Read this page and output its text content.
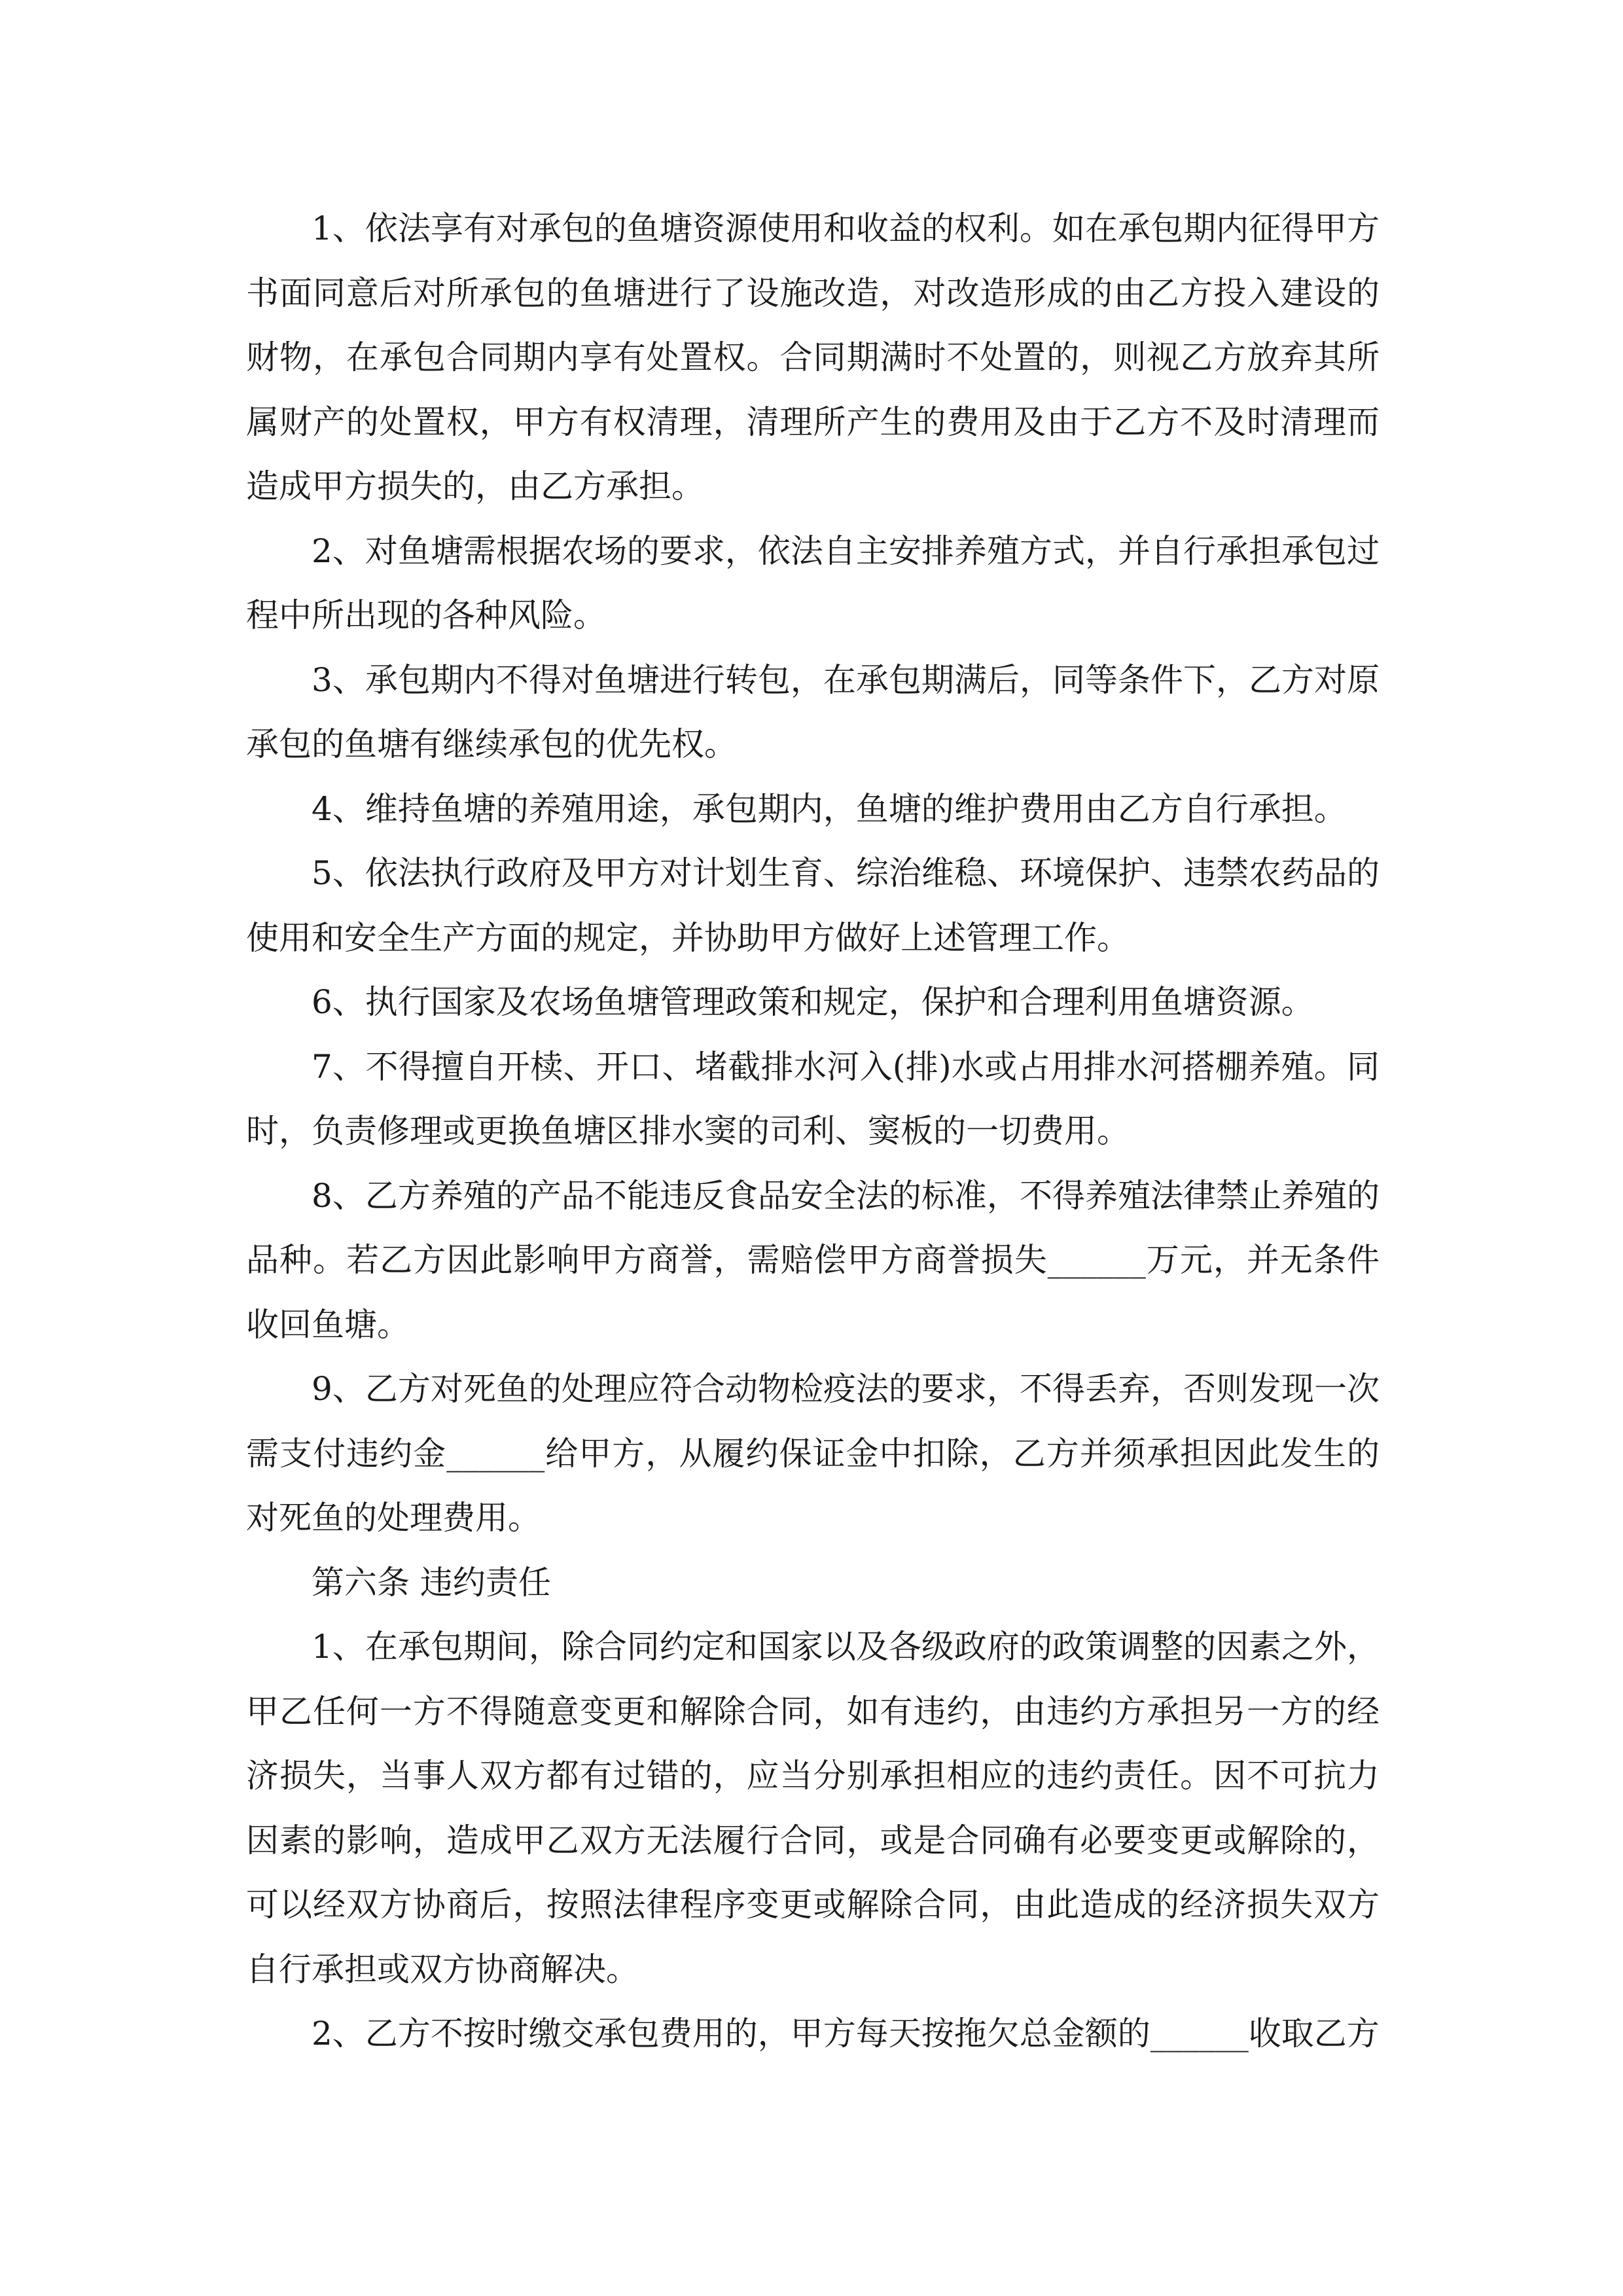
1、依法享有对承包的鱼塘资源使用和收益的权利。如在承包期内征得甲方书面同意后对所承包的鱼塘进行了设施改造，对改造形成的由乙方投入建设的财物，在承包合同期内享有处置权。合同期满时不处置的，则视乙方放弃其所属财产的处置权，甲方有权清理，清理所产生的费用及由于乙方不及时清理而造成甲方损失的，由乙方承担。

2、对鱼塘需根据农场的要求，依法自主安排养殖方式，并自行承担承包过程中所出现的各种风险。

3、承包期内不得对鱼塘进行转包，在承包期满后，同等条件下，乙方对原承包的鱼塘有继续承包的优先权。

4、维持鱼塘的养殖用途，承包期内，鱼塘的维护费用由乙方自行承担。

5、依法执行政府及甲方对计划生育、综治维稳、环境保护、违禁农药品的使用和安全生产方面的规定，并协助甲方做好上述管理工作。

6、执行国家及农场鱼塘管理政策和规定，保护和合理利用鱼塘资源。

7、不得擅自开椟、开口、堵截排水河入(排)水或占用排水河搭棚养殖。同时，负责修理或更换鱼塘区排水窦的司利、窦板的一切费用。

8、乙方养殖的产品不能违反食品安全法的标准，不得养殖法律禁止养殖的品种。若乙方因此影响甲方商誉，需赔偿甲方商誉损失______万元，并无条件收回鱼塘。

9、乙方对死鱼的处理应符合动物检疫法的要求，不得丢弃，否则发现一次需支付违约金______给甲方，从履约保证金中扣除，乙方并须承担因此发生的对死鱼的处理费用。

第六条 违约责任

1、在承包期间，除合同约定和国家以及各级政府的政策调整的因素之外，甲乙任何一方不得随意变更和解除合同，如有违约，由违约方承担另一方的经济损失，当事人双方都有过错的，应当分别承担相应的违约责任。因不可抗力因素的影响，造成甲乙双方无法履行合同，或是合同确有必要变更或解除的，可以经双方协商后，按照法律程序变更或解除合同，由此造成的经济损失双方自行承担或双方协商解决。

2、乙方不按时缴交承包费用的，甲方每天按拖欠总金额的______收取乙方
